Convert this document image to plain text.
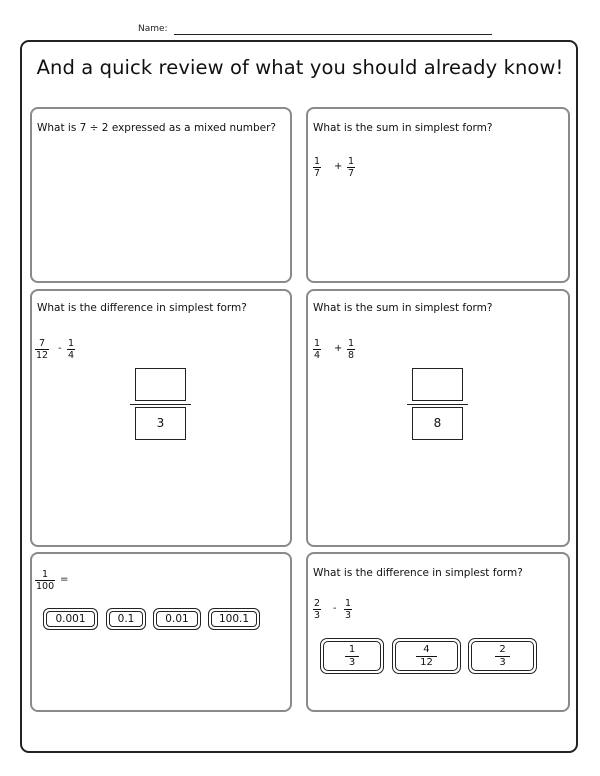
Name:
And a quick review of what you should already know!
What is 7 ÷ 2 expressed as a mixed number?	What is the sum in simplest form?
$\frac{1}{7} + \frac{1}{7}$
What is the difference in simplest form?
$\frac{7}{12} - \frac{1}{4}$
3
What is the sum in simplest form?
$\frac{1}{4} + \frac{1}{8}$
8
$\frac{1}{100}$ =
0.001	0.1	0.01	100.1
What is the difference in simplest form?
$\frac{2}{3} - \frac{1}{3}$
$\frac{1}{3}$	$\frac{4}{12}$	$\frac{2}{3}$
